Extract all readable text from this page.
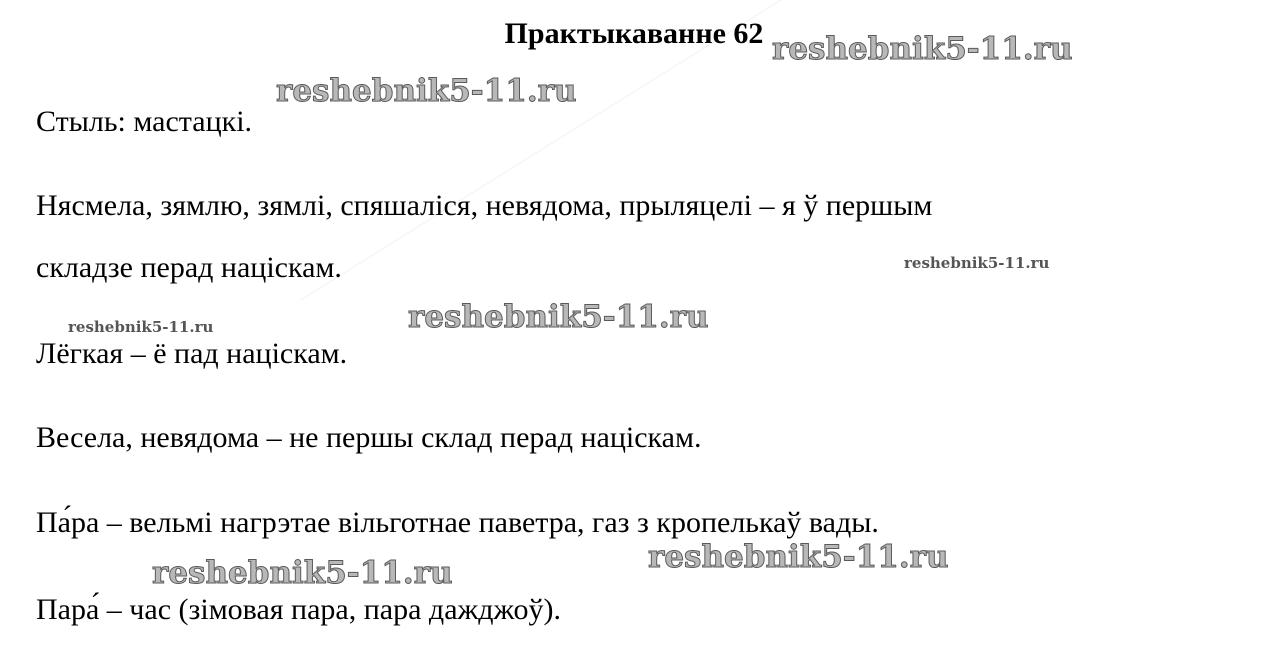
Практыкаванне 62
Стыль: мастацкі.
Нясмела, зямлю, зямлі, спяшаліся, невядома, прыляцелі – я ў першым
складзе перад націскам.
Лёгкая – ё пад націскам.
Весела, невядома – не першы склад перад націскам.
Па́ра – вельмі нагрэтае вільготнае паветра, газ з кропелькаў вады.
Пара́ – час (зімовая пара, пара дажджоў).
reshebnik5-11.ru
reshebnik5-11.ru
reshebnik5-11.ru
reshebnik5-11.ru
reshebnik5-11.ru
reshebnik5-11.ru
reshebnik5-11.ru
